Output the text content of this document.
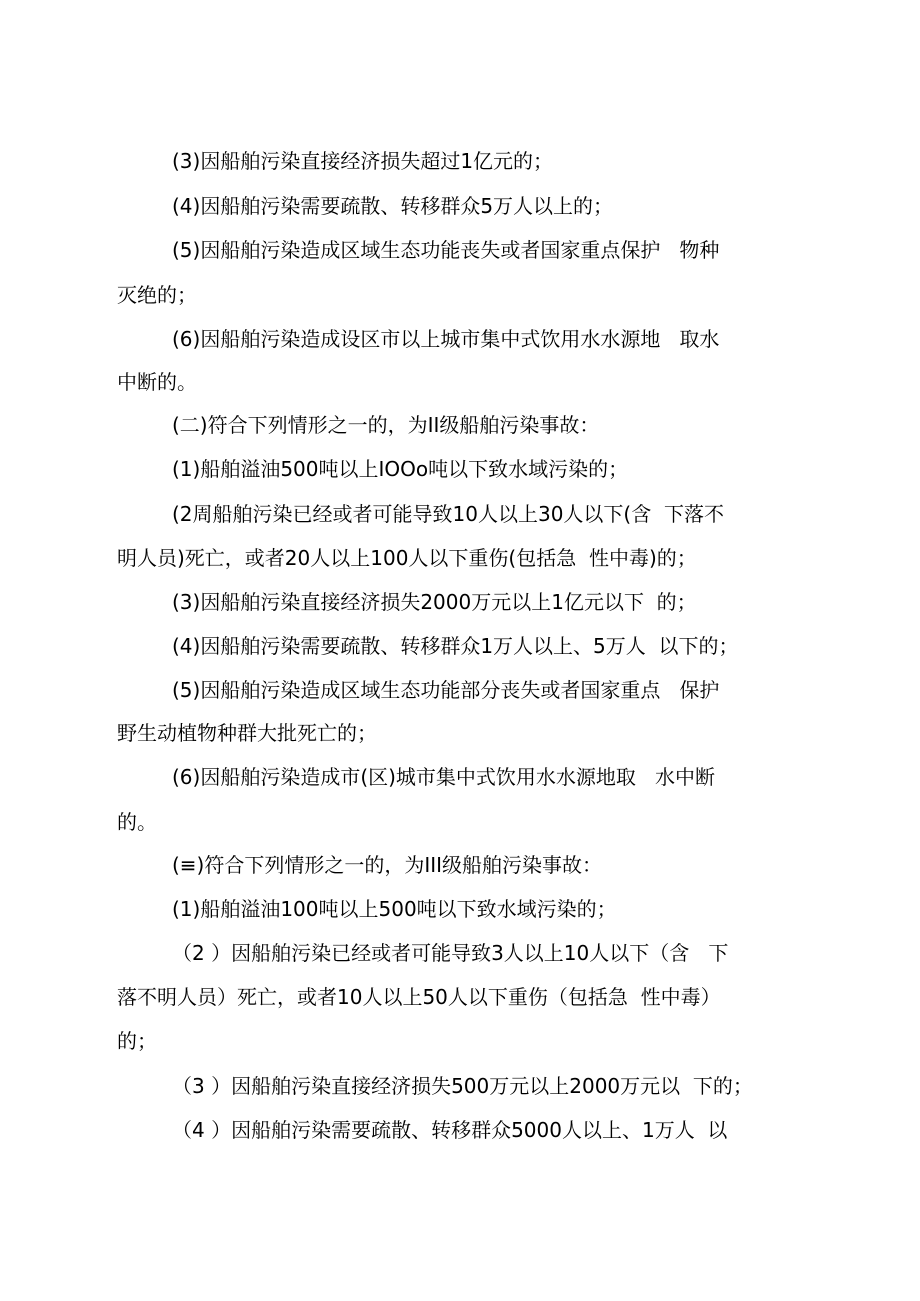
(3)因船舶污染直接经济损失超过1亿元的；
(4)因船舶污染需要疏散、转移群众5万人以上的；
(5)因船舶污染造成区域生态功能丧失或者国家重点保护   物种
灭绝的；
(6)因船舶污染造成设区市以上城市集中式饮用水水源地   取水
中断的。
(二)符合下列情形之一的，为II级船舶污染事故：
(1)船舶溢油500吨以上IOOo吨以下致水域污染的；
(2周船舶污染已经或者可能导致10人以上30人以下(含  下落不
明人员)死亡，或者20人以上100人以下重伤(包括急  性中毒)的；
(3)因船舶污染直接经济损失2000万元以上1亿元以下  的；
(4)因船舶污染需要疏散、转移群众1万人以上、5万人  以下的；
(5)因船舶污染造成区域生态功能部分丧失或者国家重点   保护
野生动植物种群大批死亡的；
(6)因船舶污染造成市(区)城市集中式饮用水水源地取   水中断
的。
(≡)符合下列情形之一的，为III级船舶污染事故：
(1)船舶溢油100吨以上500吨以下致水域污染的；
（2 ）因船舶污染已经或者可能导致3人以上10人以下（含   下
落不明人员）死亡，或者10人以上50人以下重伤（包括急  性中毒）
的；
（3 ）因船舶污染直接经济损失500万元以上2000万元以  下的；
（4 ）因船舶污染需要疏散、转移群众5000人以上、1万人  以
